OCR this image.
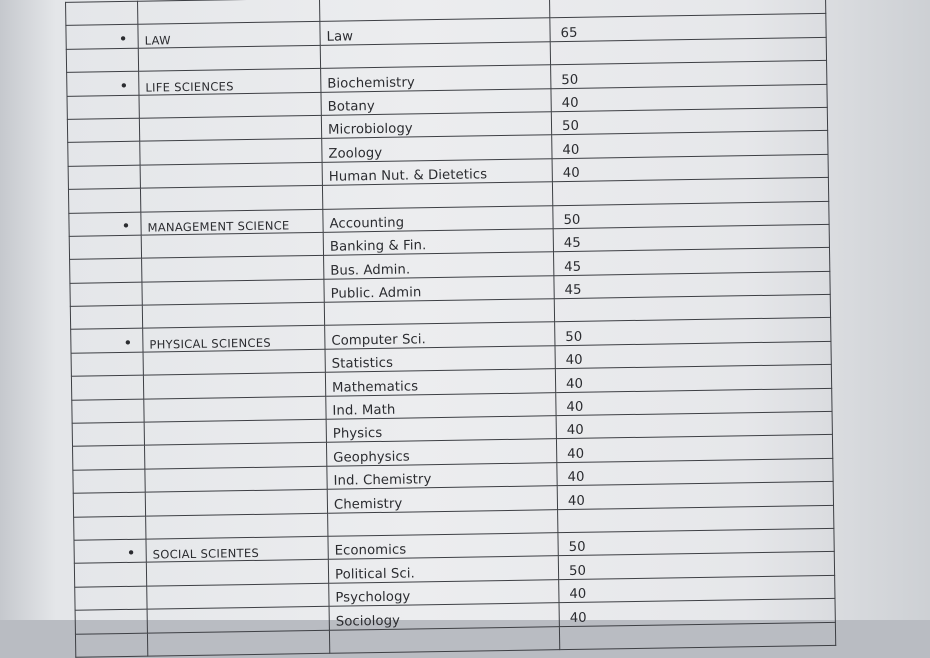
•	LAW	Law	65

•	LIFE SCIENCES	Biochemistry	50
		Botany	40
		Microbiology	50
		Zoology	40
		Human Nut. & Dietetics	40

•	MANAGEMENT SCIENCE	Accounting	50
		Banking & Fin.	45
		Bus. Admin.	45
		Public. Admin	45

•	PHYSICAL SCIENCES	Computer Sci.	50
		Statistics	40
		Mathematics	40
		Ind. Math	40
		Physics	40
		Geophysics	40
		Ind. Chemistry	40
		Chemistry	40

•	SOCIAL SCIENTES	Economics	50
		Political Sci.	50
		Psychology	40
		Sociology	40
